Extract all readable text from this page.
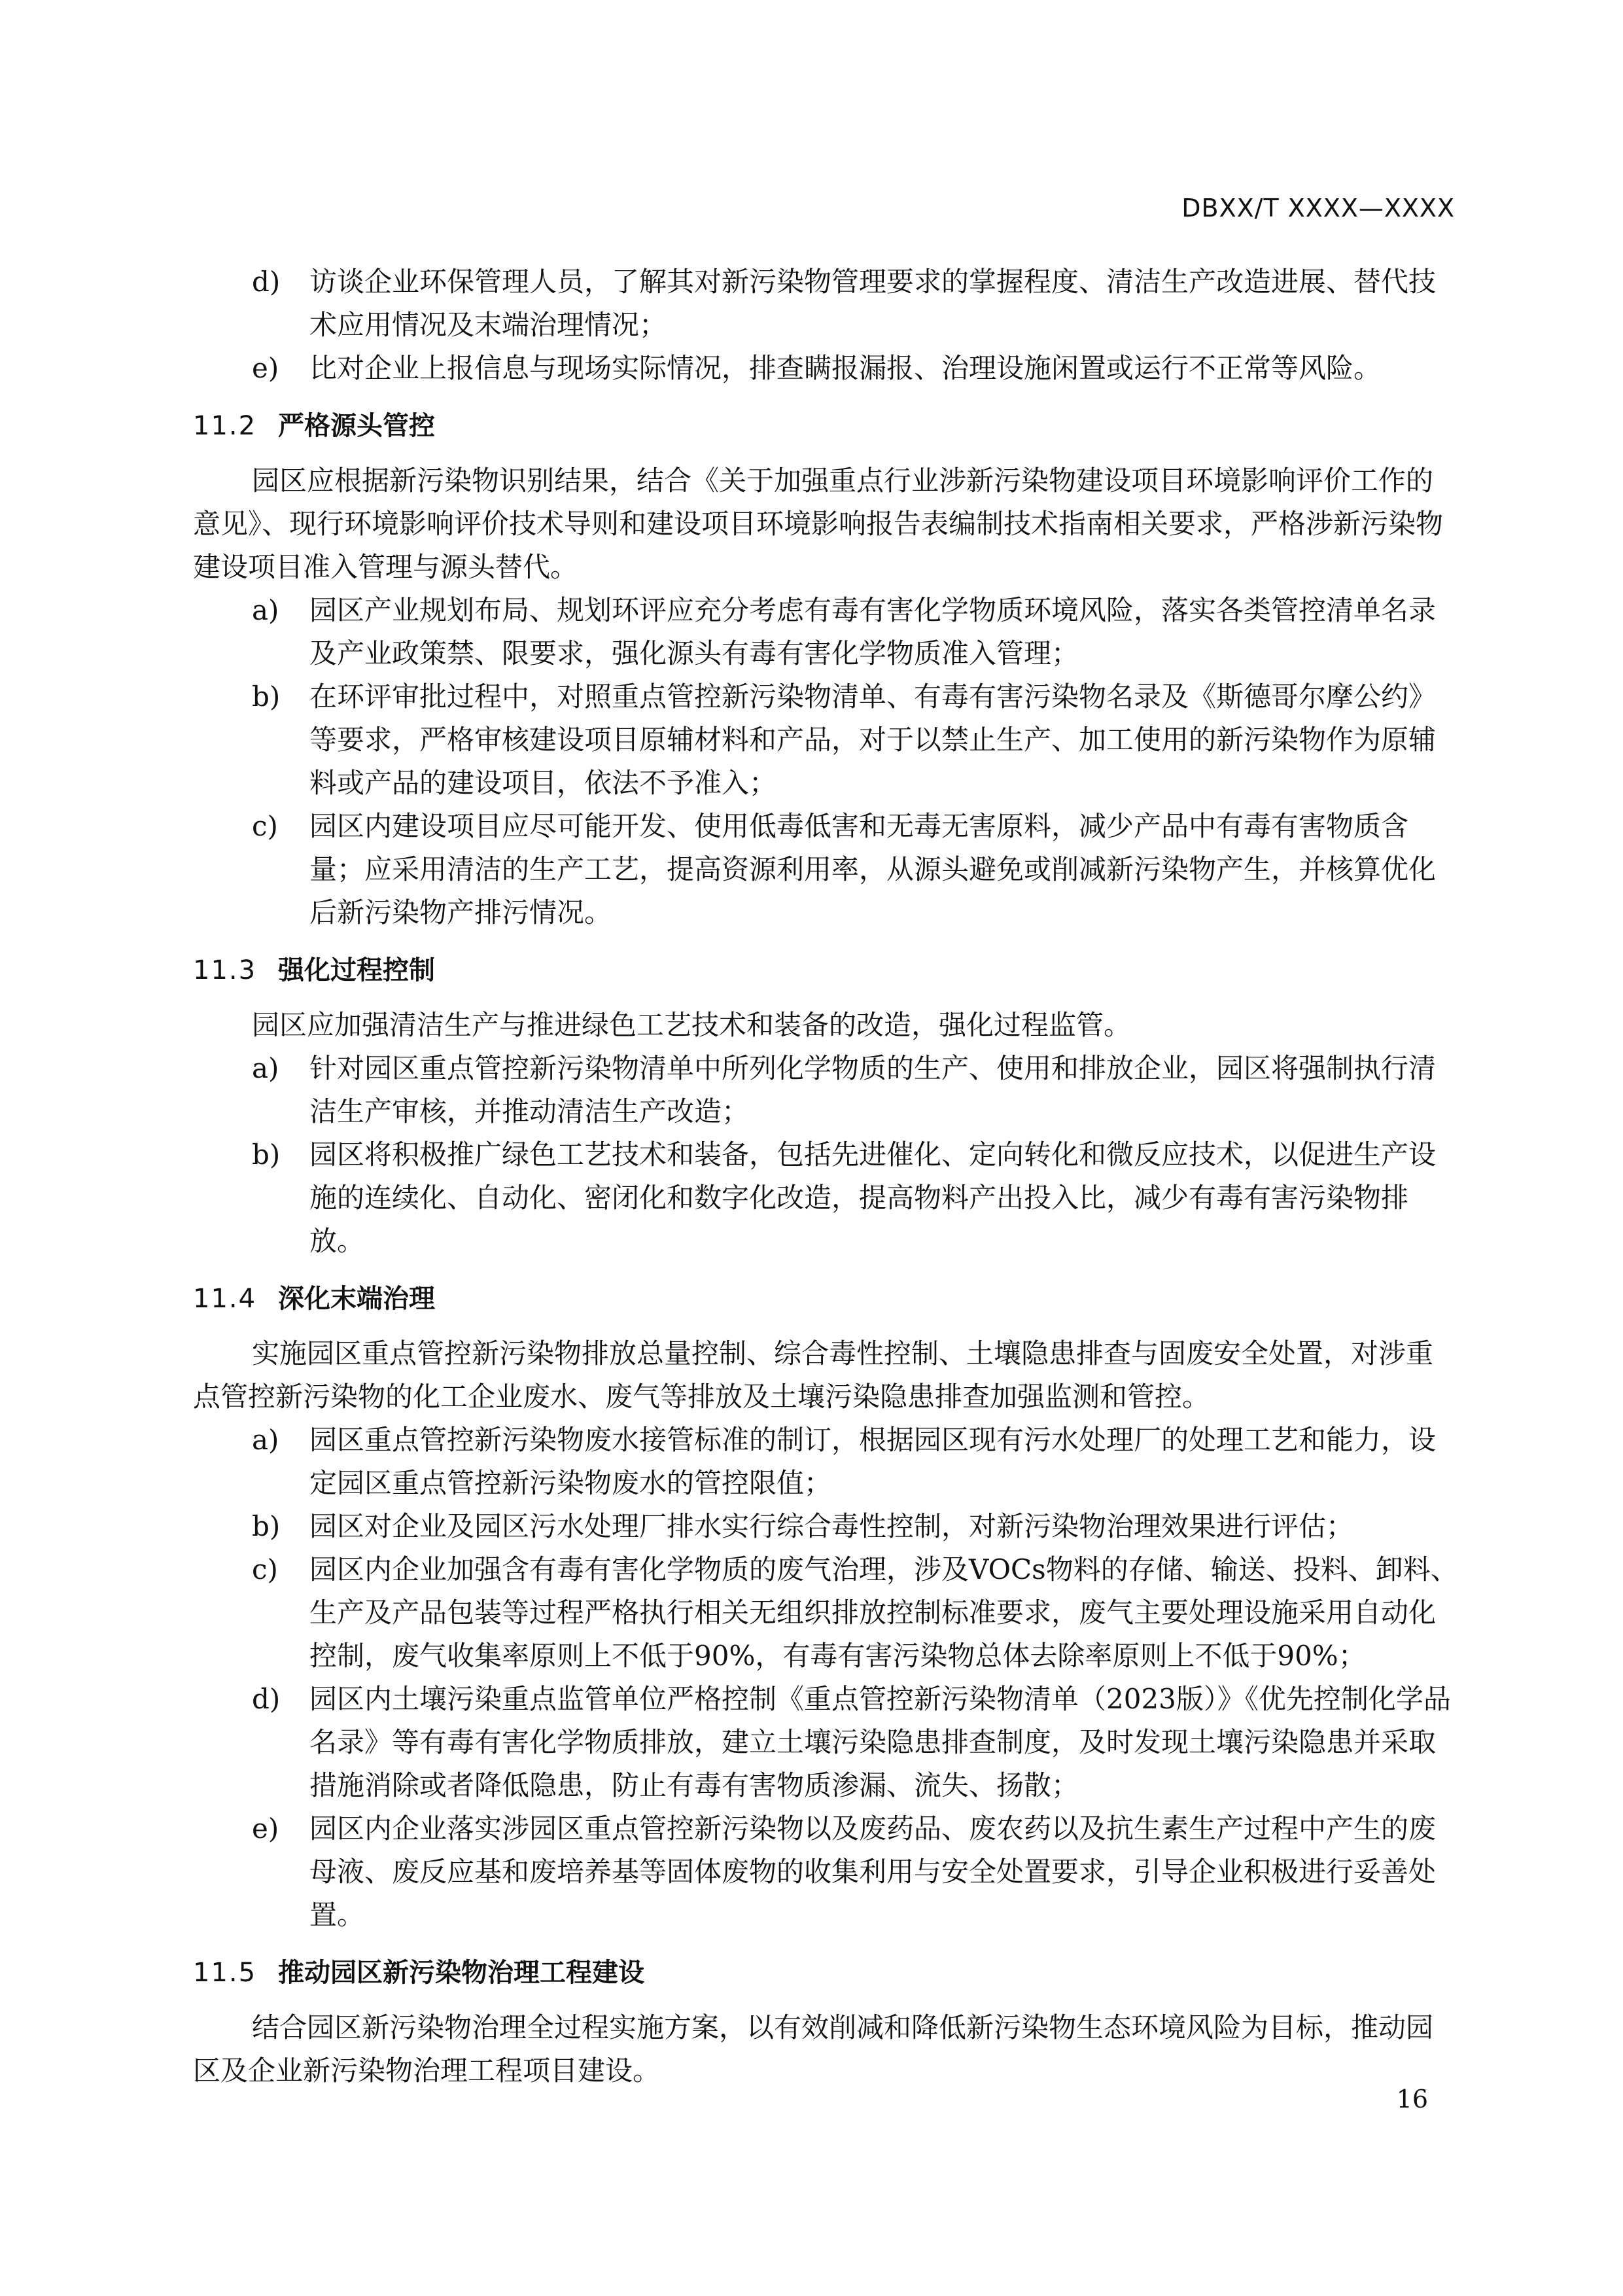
DBXX/T XXXX—XXXX
d) 访谈企业环保管理人员，了解其对新污染物管理要求的掌握程度、清洁生产改造进展、替代技术应用情况及末端治理情况；
e) 比对企业上报信息与现场实际情况，排查瞒报漏报、治理设施闲置或运行不正常等风险。
11.2 严格源头管控
园区应根据新污染物识别结果，结合《关于加强重点行业涉新污染物建设项目环境影响评价工作的意见》、现行环境影响评价技术导则和建设项目环境影响报告表编制技术指南相关要求，严格涉新污染物建设项目准入管理与源头替代。
a) 园区产业规划布局、规划环评应充分考虑有毒有害化学物质环境风险，落实各类管控清单名录及产业政策禁、限要求，强化源头有毒有害化学物质准入管理；
b) 在环评审批过程中，对照重点管控新污染物清单、有毒有害污染物名录及《斯德哥尔摩公约》等要求，严格审核建设项目原辅材料和产品，对于以禁止生产、加工使用的新污染物作为原辅料或产品的建设项目，依法不予准入；
c) 园区内建设项目应尽可能开发、使用低毒低害和无毒无害原料，减少产品中有毒有害物质含量；应采用清洁的生产工艺，提高资源利用率，从源头避免或削减新污染物产生，并核算优化后新污染物产排污情况。
11.3 强化过程控制
园区应加强清洁生产与推进绿色工艺技术和装备的改造，强化过程监管。
a) 针对园区重点管控新污染物清单中所列化学物质的生产、使用和排放企业，园区将强制执行清洁生产审核，并推动清洁生产改造；
b) 园区将积极推广绿色工艺技术和装备，包括先进催化、定向转化和微反应技术，以促进生产设施的连续化、自动化、密闭化和数字化改造，提高物料产出投入比，减少有毒有害污染物排放。
11.4 深化末端治理
实施园区重点管控新污染物排放总量控制、综合毒性控制、土壤隐患排查与固废安全处置，对涉重点管控新污染物的化工企业废水、废气等排放及土壤污染隐患排查加强监测和管控。
a) 园区重点管控新污染物废水接管标准的制订，根据园区现有污水处理厂的处理工艺和能力，设定园区重点管控新污染物废水的管控限值；
b) 园区对企业及园区污水处理厂排水实行综合毒性控制，对新污染物治理效果进行评估；
c) 园区内企业加强含有毒有害化学物质的废气治理，涉及VOCs物料的存储、输送、投料、卸料、生产及产品包装等过程严格执行相关无组织排放控制标准要求，废气主要处理设施采用自动化控制，废气收集率原则上不低于90%，有毒有害污染物总体去除率原则上不低于90%；
d) 园区内土壤污染重点监管单位严格控制《重点管控新污染物清单（2023版）》《优先控制化学品名录》等有毒有害化学物质排放，建立土壤污染隐患排查制度，及时发现土壤污染隐患并采取措施消除或者降低隐患，防止有毒有害物质渗漏、流失、扬散；
e) 园区内企业落实涉园区重点管控新污染物以及废药品、废农药以及抗生素生产过程中产生的废母液、废反应基和废培养基等固体废物的收集利用与安全处置要求，引导企业积极进行妥善处置。
11.5 推动园区新污染物治理工程建设
结合园区新污染物治理全过程实施方案，以有效削减和降低新污染物生态环境风险为目标，推动园区及企业新污染物治理工程项目建设。
16
